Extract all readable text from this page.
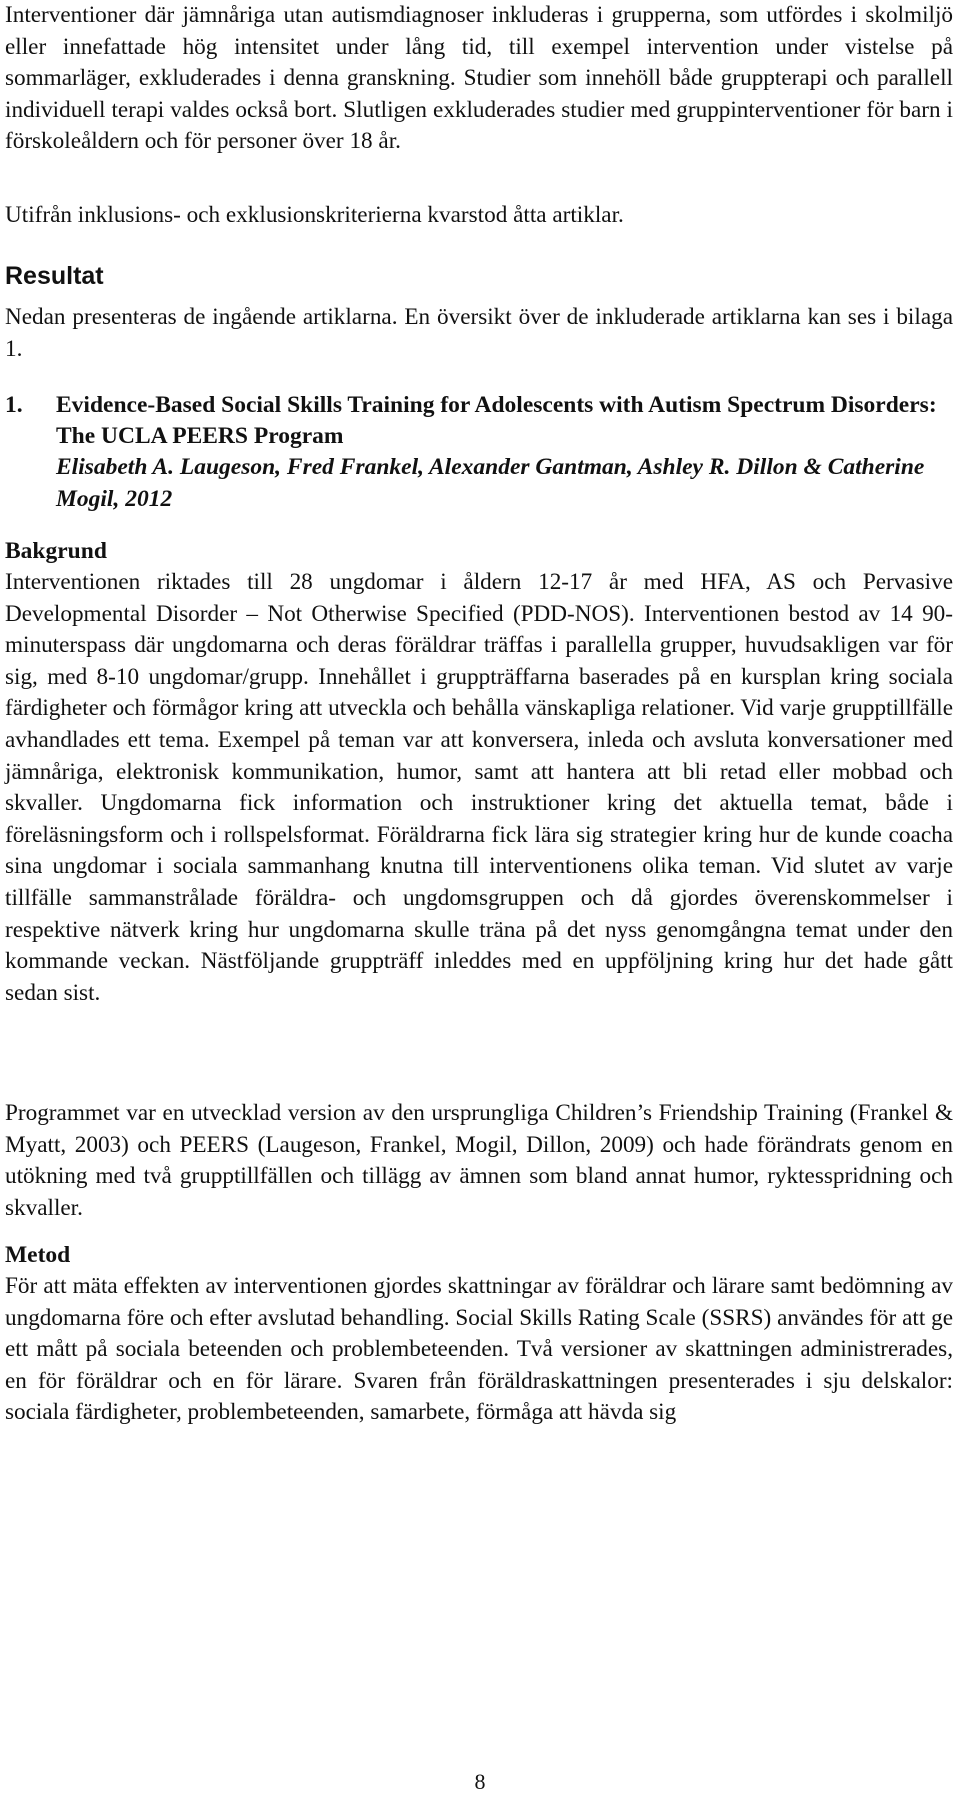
Interventioner där jämnåriga utan autismdiagnoser inkluderas i grupperna, som utfördes i skolmiljö eller innefattade hög intensitet under lång tid, till exempel intervention under vistelse på sommarläger, exkluderades i denna granskning. Studier som innehöll både gruppterapi och parallell individuell terapi valdes också bort. Slutligen exkluderades studier med gruppinterventioner för barn i förskoleåldern och för personer över 18 år.

Utifrån inklusions- och exklusionskriterierna kvarstod åtta artiklar.

Resultat

Nedan presenteras de ingående artiklarna. En översikt över de inkluderade artiklarna kan ses i bilaga 1.

1. Evidence-Based Social Skills Training for Adolescents with Autism Spectrum Disorders: The UCLA PEERS Program
Elisabeth A. Laugeson, Fred Frankel, Alexander Gantman, Ashley R. Dillon & Catherine Mogil, 2012
Bakgrund

Interventionen riktades till 28 ungdomar i åldern 12-17 år med HFA, AS och Pervasive Developmental Disorder – Not Otherwise Specified (PDD-NOS). Interventionen bestod av 14 90-minuterspass där ungdomarna och deras föräldrar träffas i parallella grupper, huvudsakligen var för sig, med 8-10 ungdomar/grupp. Innehållet i gruppträffarna baserades på en kursplan kring sociala färdigheter och förmågor kring att utveckla och behålla vänskapliga relationer. Vid varje grupptillfälle avhandlades ett tema. Exempel på teman var att konversera, inleda och avsluta konversationer med jämnåriga, elektronisk kommunikation, humor, samt att hantera att bli retad eller mobbad och skvaller. Ungdomarna fick information och instruktioner kring det aktuella temat, både i föreläsningsform och i rollspelsformat. Föräldrarna fick lära sig strategier kring hur de kunde coacha sina ungdomar i sociala sammanhang knutna till interventionens olika teman. Vid slutet av varje tillfälle sammanstrålade föräldra- och ungdomsgruppen och då gjordes överenskommelser i respektive nätverk kring hur ungdomarna skulle träna på det nyss genomgångna temat under den kommande veckan. Nästföljande gruppträff inleddes med en uppföljning kring hur det hade gått sedan sist.

Programmet var en utvecklad version av den ursprungliga Children’s Friendship Training (Frankel & Myatt, 2003) och PEERS (Laugeson, Frankel, Mogil, Dillon, 2009) och hade förändrats genom en utökning med två grupptillfällen och tillägg av ämnen som bland annat humor, ryktesspridning och skvaller.

Metod

För att mäta effekten av interventionen gjordes skattningar av föräldrar och lärare samt bedömning av ungdomarna före och efter avslutad behandling. Social Skills Rating Scale (SSRS) användes för att ge ett mått på sociala beteenden och problembeteenden. Två versioner av skattningen administrerades, en för föräldrar och en för lärare. Svaren från föräldraskattningen presenterades i sju delskalor: sociala färdigheter, problembeteenden, samarbete, förmåga att hävda sig

8
